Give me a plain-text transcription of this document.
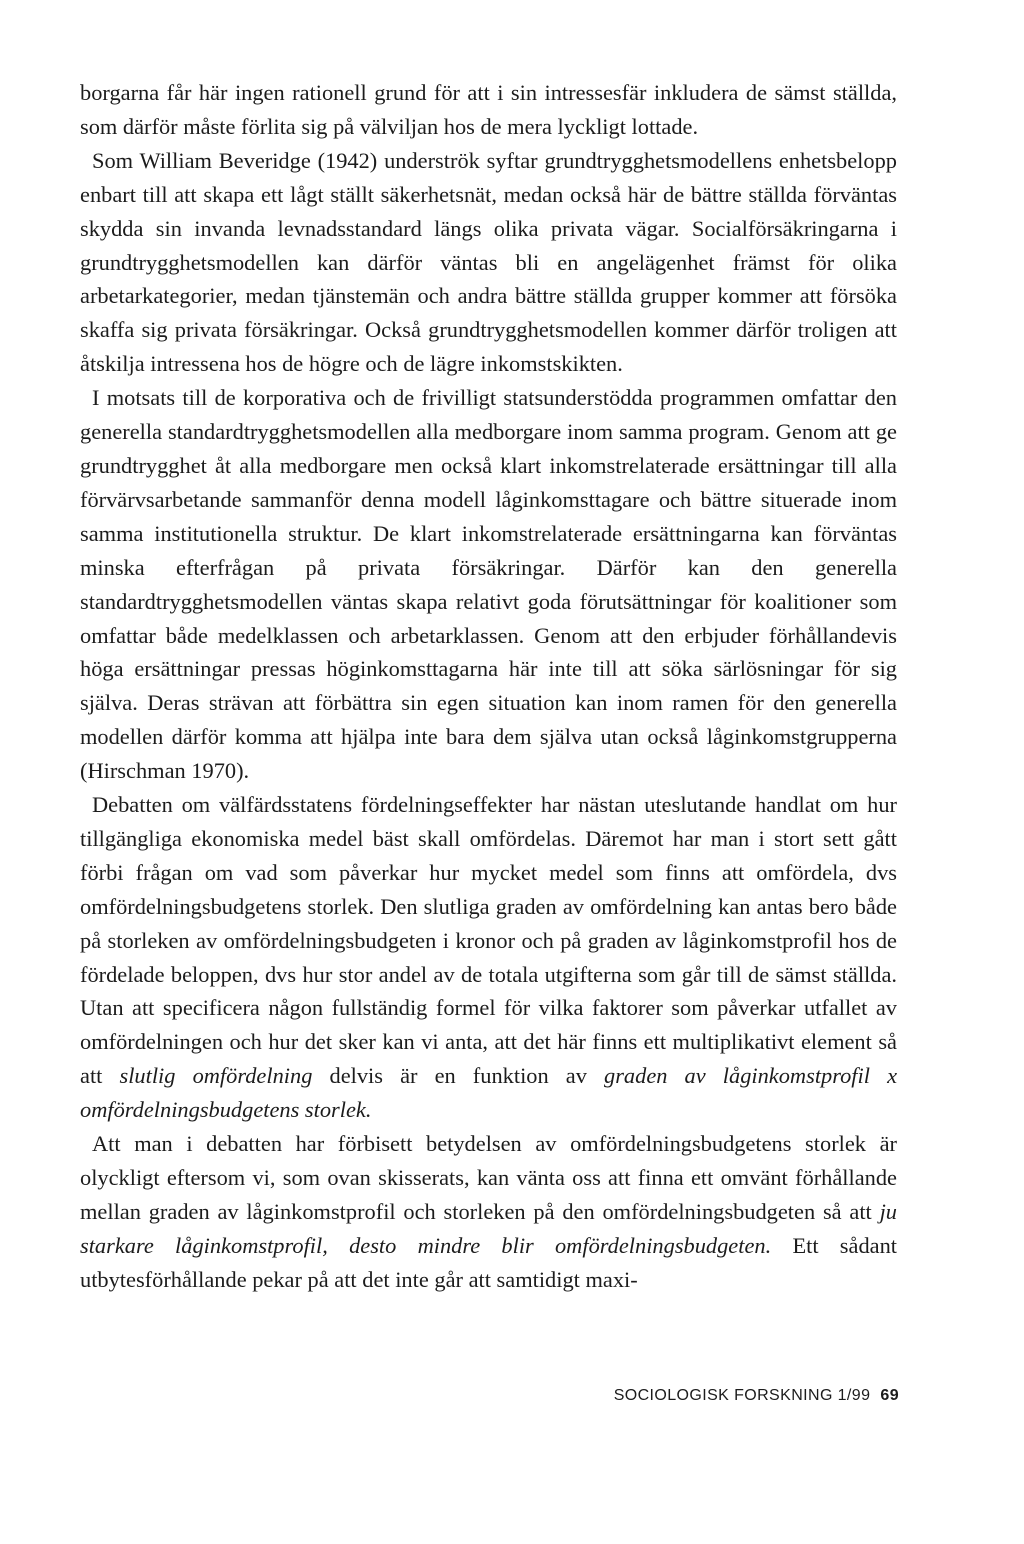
borgarna får här ingen rationell grund för att i sin intressesfär inkludera de sämst ställda, som därför måste förlita sig på välviljan hos de mera lyckligt lottade.

Som William Beveridge (1942) underströk syftar grundtrygghetsmodellens enhetsbelopp enbart till att skapa ett lågt ställt säkerhetsnät, medan också här de bättre ställda förväntas skydda sin invanda levnadsstandard längs olika privata vägar. Socialförsäkringarna i grundtrygghetsmodellen kan därför väntas bli en angelägenhet främst för olika arbetarkategorier, medan tjänstemän och andra bättre ställda grupper kommer att försöka skaffa sig privata försäkringar. Också grundtrygghetsmodellen kommer därför troligen att åtskilja intressena hos de högre och de lägre inkomstskikten.

I motsats till de korporativa och de frivilligt statsunderstödda programmen omfattar den generella standardtrygghetsmodellen alla medborgare inom samma program. Genom att ge grundtrygghet åt alla medborgare men också klart inkomstrelaterade ersättningar till alla förvärvsarbetande sammanför denna modell låginkomsttagare och bättre situerade inom samma institutionella struktur. De klart inkomstrelaterade ersättningarna kan förväntas minska efterfrågan på privata försäkringar. Därför kan den generella standardtrygghetsmodellen väntas skapa relativt goda förutsättningar för koalitioner som omfattar både medelklassen och arbetarklassen. Genom att den erbjuder förhållandevis höga ersättningar pressas höginkomsttagarna här inte till att söka särlösningar för sig själva. Deras strävan att förbättra sin egen situation kan inom ramen för den generella modellen därför komma att hjälpa inte bara dem själva utan också låginkomstgrupperna (Hirschman 1970).

Debatten om välfärdsstatens fördelningseffekter har nästan uteslutande handlat om hur tillgängliga ekonomiska medel bäst skall omfördelas. Däremot har man i stort sett gått förbi frågan om vad som påverkar hur mycket medel som finns att omfördela, dvs omfördelningsbudgetens storlek. Den slutliga graden av omfördelning kan antas bero både på storleken av omfördelningsbudgeten i kronor och på graden av låginkomstprofil hos de fördelade beloppen, dvs hur stor andel av de totala utgifterna som går till de sämst ställda. Utan att specificera någon fullständig formel för vilka faktorer som påverkar utfallet av omfördelningen och hur det sker kan vi anta, att det här finns ett multiplikativt element så att slutlig omfördelning delvis är en funktion av graden av låginkomstprofil x omfördelningsbudgetens storlek.

Att man i debatten har förbisett betydelsen av omfördelningsbudgetens storlek är olyckligt eftersom vi, som ovan skisserats, kan vänta oss att finna ett omvänt förhållande mellan graden av låginkomstprofil och storleken på den omfördelningsbudgeten så att ju starkare låginkomstprofil, desto mindre blir omfördelningsbudgeten. Ett sådant utbytesförhållande pekar på att det inte går att samtidigt maxi-

SOCIOLOGISK FORSKNING 1/99 69
